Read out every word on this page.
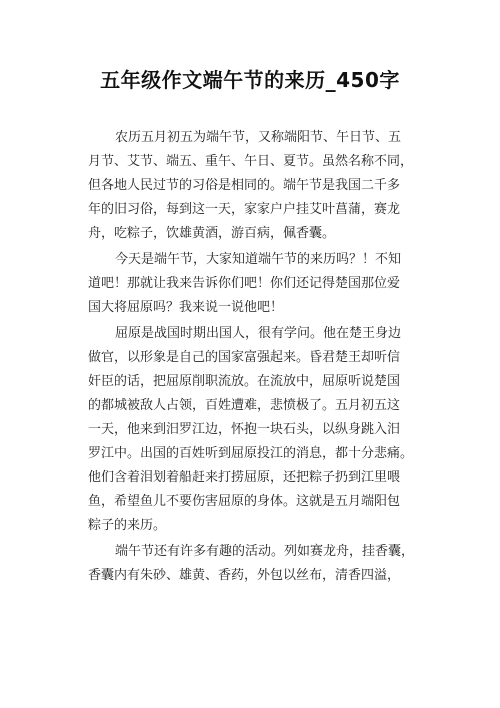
五年级作文端午节的来历_450字
农历五月初五为端午节，又称端阳节、午日节、五
月节、艾节、端五、重午、午日、夏节。虽然名称不同，
但各地人民过节的习俗是相同的。端午节是我国二千多
年的旧习俗，每到这一天，家家户户挂艾叶菖蒲，赛龙
舟，吃粽子，饮雄黄酒，游百病，佩香囊。
今天是端午节，大家知道端午节的来历吗？！不知
道吧！那就让我来告诉你们吧！你们还记得楚国那位爱
国大将屈原吗？我来说一说他吧！
屈原是战国时期出国人，很有学问。他在楚王身边
做官，以形象是自己的国家富强起来。昏君楚王却听信
奸臣的话，把屈原削职流放。在流放中，屈原听说楚国
的都城被敌人占领，百姓遭难，悲愤极了。五月初五这
一天，他来到汨罗江边，怀抱一块石头，以纵身跳入汨
罗江中。出国的百姓听到屈原投江的消息，都十分悲痛。
他们含着泪划着船赶来打捞屈原，还把粽子扔到江里喂
鱼，希望鱼儿不要伤害屈原的身体。这就是五月端阳包
粽子的来历。
端午节还有许多有趣的活动。列如赛龙舟，挂香囊，
香囊内有朱砂、雄黄、香药，外包以丝布，清香四溢，
